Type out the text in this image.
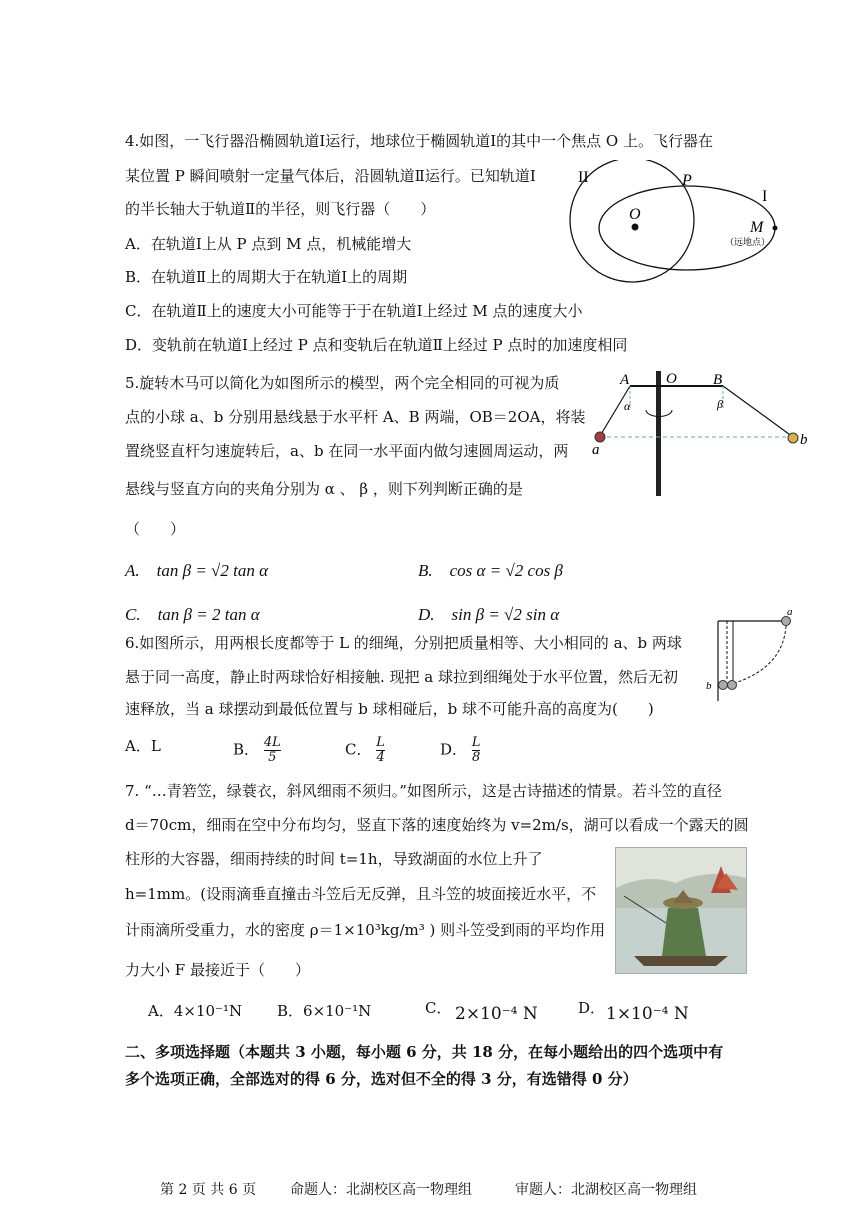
4.如图，一飞行器沿椭圆轨道Ⅰ运行，地球位于椭圆轨道Ⅰ的其中一个焦点 O 上。飞行器在
某位置 P 瞬间喷射一定量气体后，沿圆轨道Ⅱ运行。已知轨道Ⅰ
的半长轴大于轨道Ⅱ的半径，则飞行器（　　）
A．在轨道Ⅰ上从 P 点到 M 点，机械能增大
B．在轨道Ⅱ上的周期大于在轨道Ⅰ上的周期
C．在轨道Ⅱ上的速度大小可能等于于在轨道Ⅰ上经过 M 点的速度大小
D．变轨前在轨道Ⅰ上经过 P 点和变轨后在轨道Ⅱ上经过 P 点时的加速度相同
II	P
I
O
M
（远地点）
5.旋转木马可以简化为如图所示的模型，两个完全相同的可视为质
点的小球 a、b 分别用悬线悬于水平杆 A、B 两端，OB＝2OA，将装
置绕竖直杆匀速旋转后，a、b 在同一水平面内做匀速圆周运动，两
悬线与竖直方向的夹角分别为 α 、 β ，则下列判断正确的是
（　　）
A.　tan β = √2 tan α	B.　cos α = √2 cos β
C.　tan β = 2 tan α	D.　sin β = √2 sin α
A O B
α	β
a
b
6.如图所示，用两根长度都等于 L 的细绳，分别把质量相等、大小相同的 a、b 两球
悬于同一高度，静止时两球恰好相接触. 现把 a 球拉到细绳处于水平位置，然后无初
速释放，当 a 球摆动到最低位置与 b 球相碰后，b 球不可能升高的高度为(　　)
A．L	B． $\frac{4L}{5}$	C． $\frac{L}{4}$	D． $\frac{L}{8}$
a
b
7. “…青箬笠，绿蓑衣，斜风细雨不须归。”如图所示，这是古诗描述的情景。若斗笠的直径
d＝70cm，细雨在空中分布均匀，竖直下落的速度始终为 v=2m/s，湖可以看成一个露天的圆
柱形的大容器，细雨持续的时间 t=1h，导致湖面的水位上升了
h=1mm。(设雨滴垂直撞击斗笠后无反弹，且斗笠的坡面接近水平，不
计雨滴所受重力，水的密度 ρ＝1×10³kg/m³ ) 则斗笠受到雨的平均作用
力大小 F 最接近于（　　）
A．4×10⁻¹N B．6×10⁻¹N	C． 2×10⁻⁴ N	D． 1×10⁻⁴ N
二、多项选择题（本题共 3 小题，每小题 6 分，共 18 分，在每小题给出的四个选项中有
多个选项正确，全部选对的得 6 分，选对但不全的得 3 分，有选错得 0 分）
第 2 页 共 6 页 命题人：北湖校区高一物理组	审题人：北湖校区高一物理组
